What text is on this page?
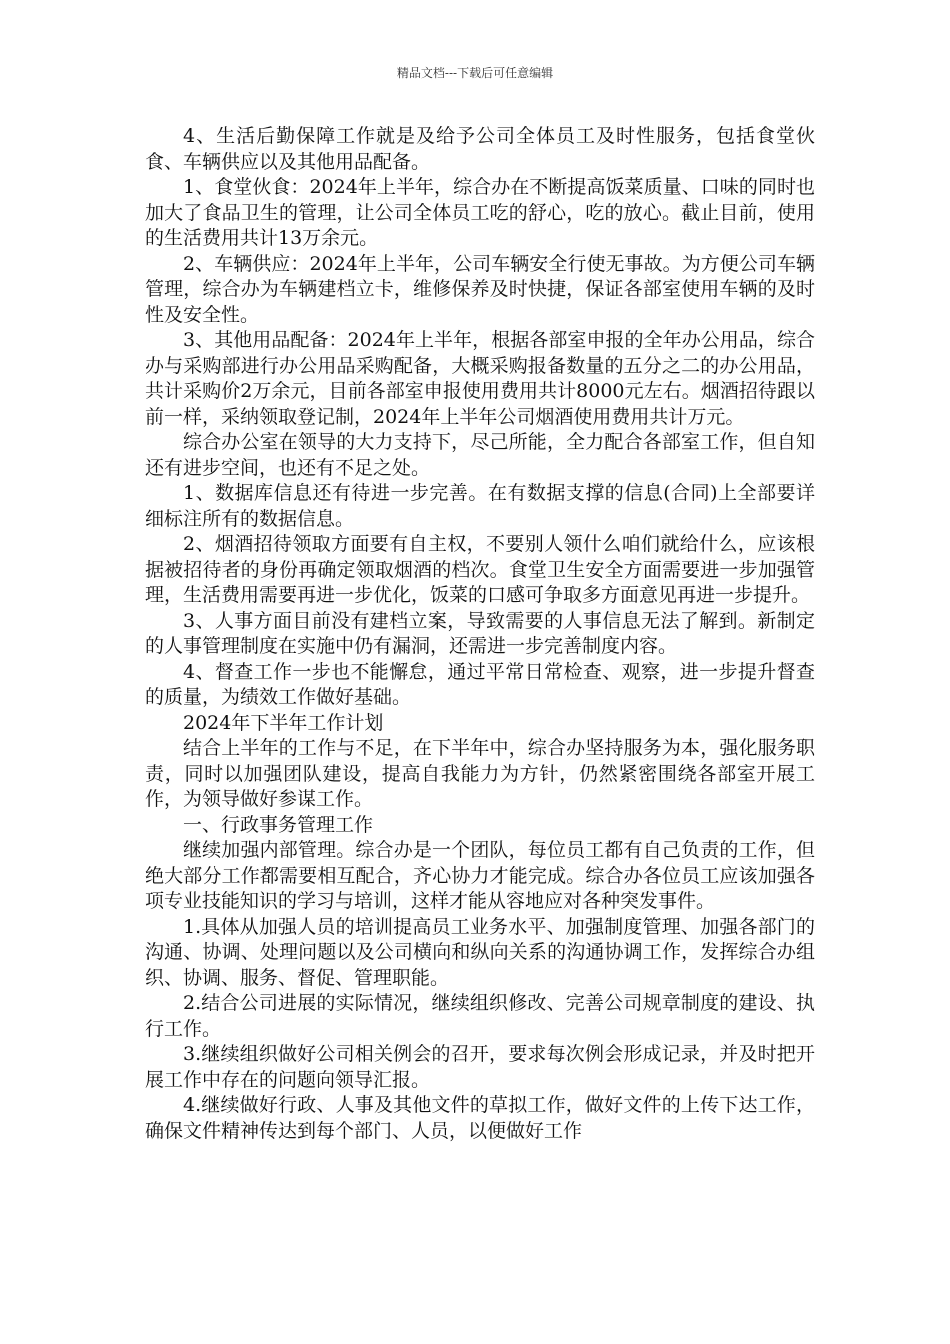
精品文档---下载后可任意编辑

4、生活后勤保障工作就是及给予公司全体员工及时性服务，包括食堂伙食、车辆供应以及其他用品配备。

1、食堂伙食：2024年上半年，综合办在不断提高饭菜质量、口味的同时也加大了食品卫生的管理，让公司全体员工吃的舒心，吃的放心。截止目前，使用的生活费用共计13万余元。

2、车辆供应：2024年上半年，公司车辆安全行使无事故。为方便公司车辆管理，综合办为车辆建档立卡，维修保养及时快捷，保证各部室使用车辆的及时性及安全性。

3、其他用品配备：2024年上半年，根据各部室申报的全年办公用品，综合办与采购部进行办公用品采购配备，大概采购报备数量的五分之二的办公用品，共计采购价2万余元，目前各部室申报使用费用共计8000元左右。烟酒招待跟以前一样，采纳领取登记制，2024年上半年公司烟酒使用费用共计万元。

综合办公室在领导的大力支持下，尽己所能，全力配合各部室工作，但自知还有进步空间，也还有不足之处。

1、数据库信息还有待进一步完善。在有数据支撑的信息(合同)上全部要详细标注所有的数据信息。

2、烟酒招待领取方面要有自主权，不要别人领什么咱们就给什么，应该根据被招待者的身份再确定领取烟酒的档次。食堂卫生安全方面需要进一步加强管理，生活费用需要再进一步优化，饭菜的口感可争取多方面意见再进一步提升。

3、人事方面目前没有建档立案，导致需要的人事信息无法了解到。新制定的人事管理制度在实施中仍有漏洞，还需进一步完善制度内容。

4、督查工作一步也不能懈怠，通过平常日常检查、观察，进一步提升督查的质量，为绩效工作做好基础。

2024年下半年工作计划

结合上半年的工作与不足，在下半年中，综合办坚持服务为本，强化服务职责，同时以加强团队建设，提高自我能力为方针，仍然紧密围绕各部室开展工作，为领导做好参谋工作。

一、行政事务管理工作

继续加强内部管理。综合办是一个团队，每位员工都有自己负责的工作，但绝大部分工作都需要相互配合，齐心协力才能完成。综合办各位员工应该加强各项专业技能知识的学习与培训，这样才能从容地应对各种突发事件。

1.具体从加强人员的培训提高员工业务水平、加强制度管理、加强各部门的沟通、协调、处理问题以及公司横向和纵向关系的沟通协调工作，发挥综合办组织、协调、服务、督促、管理职能。

2.结合公司进展的实际情况，继续组织修改、完善公司规章制度的建设、执行工作。

3.继续组织做好公司相关例会的召开，要求每次例会形成记录，并及时把开展工作中存在的问题向领导汇报。

4.继续做好行政、人事及其他文件的草拟工作，做好文件的上传下达工作，确保文件精神传达到每个部门、人员，以便做好工作
